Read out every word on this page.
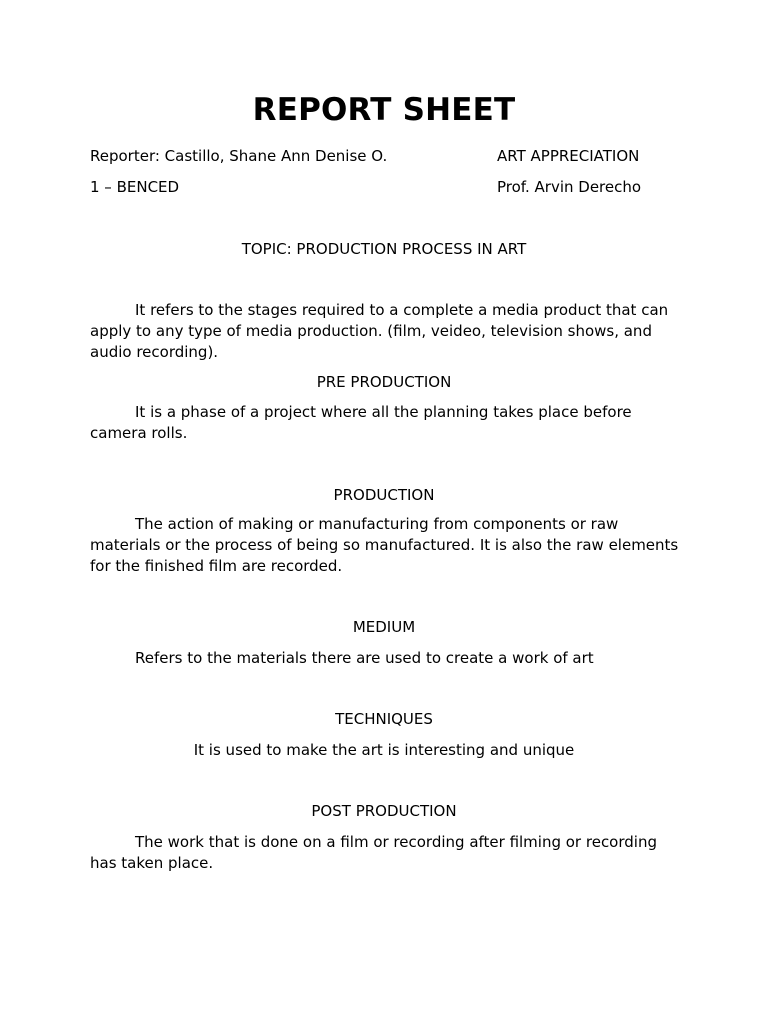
REPORT SHEET
Reporter: Castillo, Shane Ann Denise O.	ART APPRECIATION
1 – BENCED	Prof. Arvin Derecho
TOPIC: PRODUCTION PROCESS IN ART

It refers to the stages required to a complete a media product that can apply to any type of media production. (film, veideo, television shows, and audio recording).

PRE PRODUCTION

It is a phase of a project where all the planning takes place before camera rolls.

PRODUCTION

The action of making or manufacturing from components or raw materials or the process of being so manufactured. It is also the raw elements for the finished film are recorded.

MEDIUM

Refers to the materials there are used to create a work of art

TECHNIQUES
It is used to make the art is interesting and unique
POST PRODUCTION

The work that is done on a film or recording after filming or recording has taken place.
